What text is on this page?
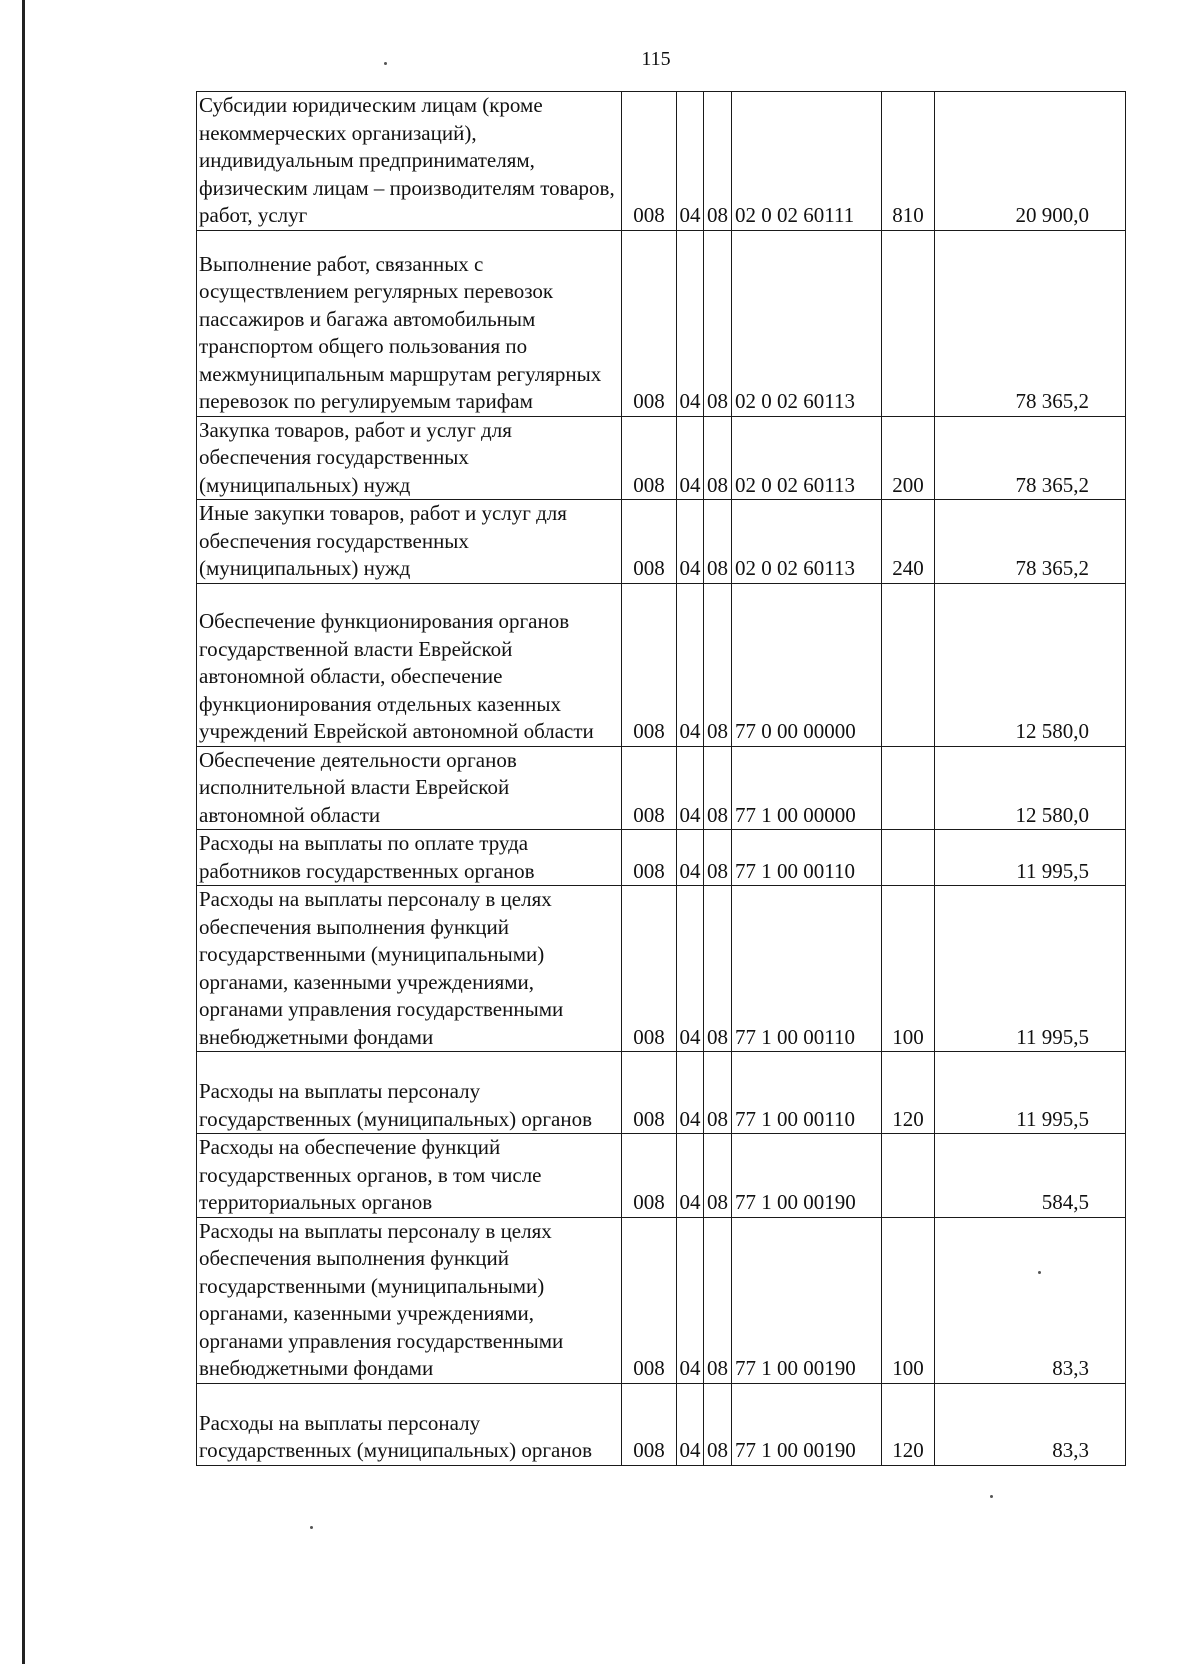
115
Субсидии юридическим лицам (кроме некоммерческих организаций), индивидуальным предпринимателям, физическим лицам – производителям товаров, работ, услуг	008	04	08	02 0 02 60111	810	20 900,0
Выполнение работ, связанных с осуществлением регулярных перевозок пассажиров и багажа автомобильным транспортом общего пользования по межмуниципальным маршрутам регулярных перевозок по регулируемым тарифам	008	04	08	02 0 02 60113		78 365,2
Закупка товаров, работ и услуг для обеспечения государственных (муниципальных) нужд	008	04	08	02 0 02 60113	200	78 365,2
Иные закупки товаров, работ и услуг для обеспечения государственных (муниципальных) нужд	008	04	08	02 0 02 60113	240	78 365,2
Обеспечение функционирования органов государственной власти Еврейской автономной области, обеспечение функционирования отдельных казенных учреждений Еврейской автономной области	008	04	08	77 0 00 00000		12 580,0
Обеспечение деятельности органов исполнительной власти Еврейской автономной области	008	04	08	77 1 00 00000		12 580,0
Расходы на выплаты по оплате труда работников государственных органов	008	04	08	77 1 00 00110		11 995,5
Расходы на выплаты персоналу в целях обеспечения выполнения функций государственными (муниципальными) органами, казенными учреждениями, органами управления государственными внебюджетными фондами	008	04	08	77 1 00 00110	100	11 995,5
Расходы на выплаты персоналу государственных (муниципальных) органов	008	04	08	77 1 00 00110	120	11 995,5
Расходы на обеспечение функций государственных органов, в том числе территориальных органов	008	04	08	77 1 00 00190		584,5
Расходы на выплаты персоналу в целях обеспечения выполнения функций государственными (муниципальными) органами, казенными учреждениями, органами управления государственными внебюджетными фондами	008	04	08	77 1 00 00190	100	83,3
Расходы на выплаты персоналу государственных (муниципальных) органов	008	04	08	77 1 00 00190	120	83,3
